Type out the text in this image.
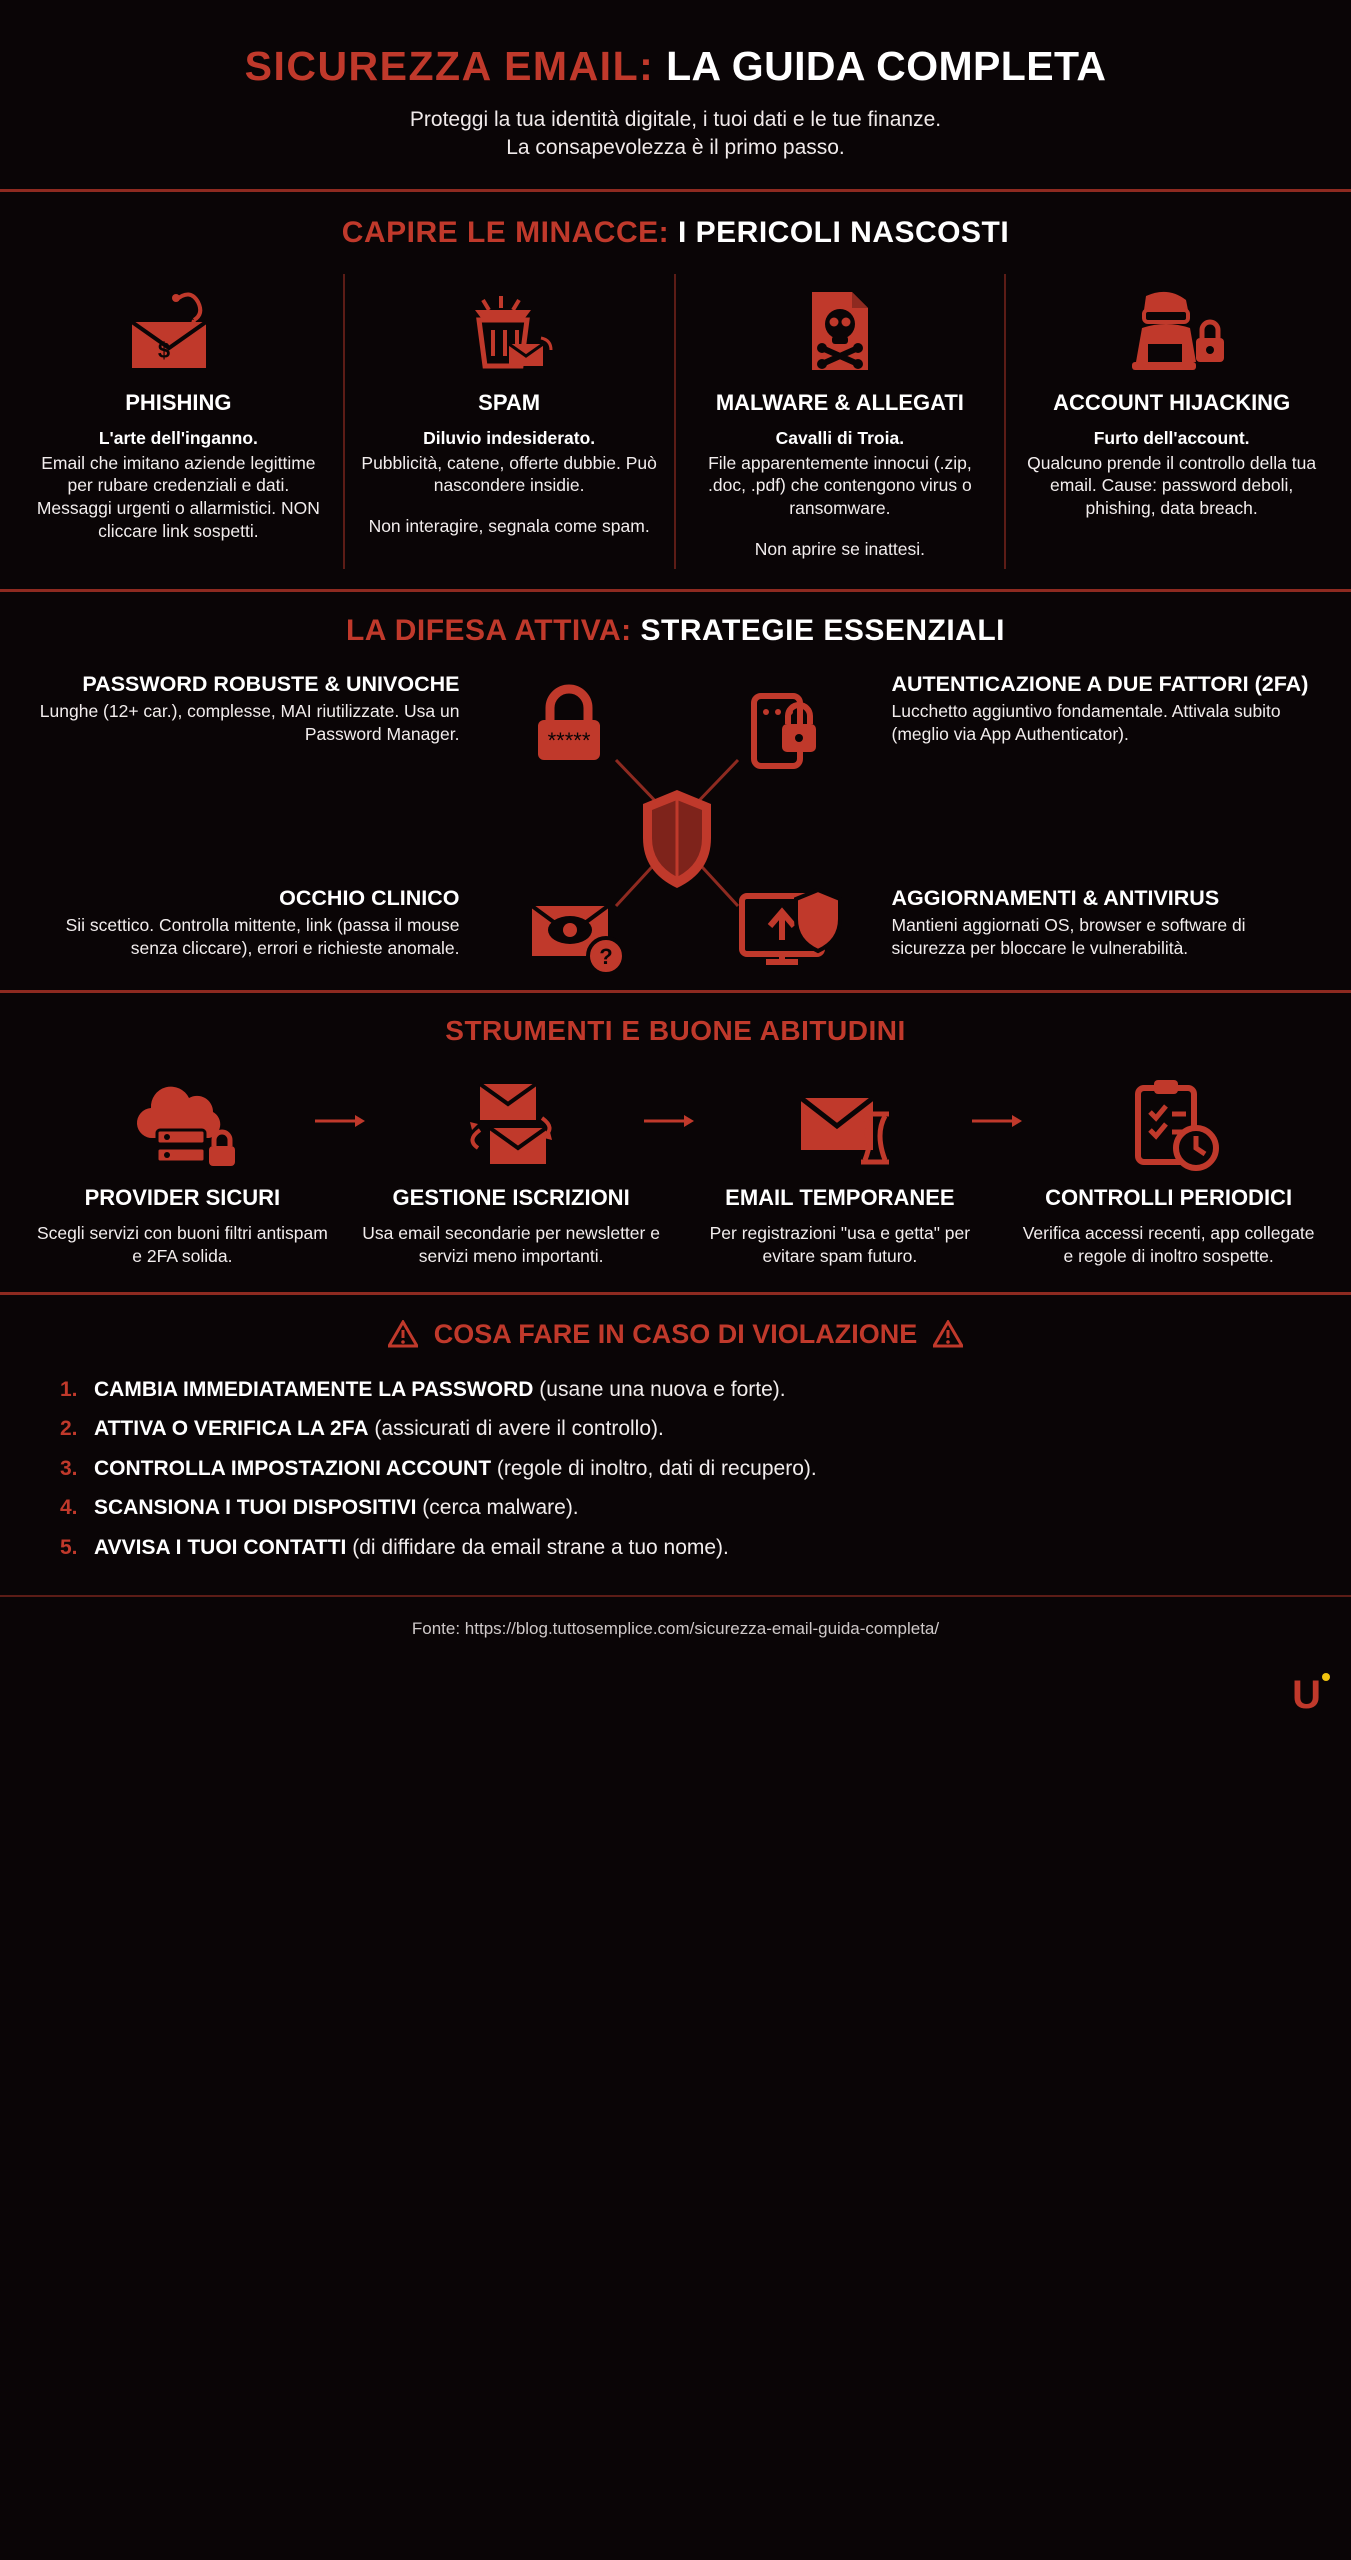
SICUREZZA EMAIL: LA GUIDA COMPLETA
Proteggi la tua identità digitale, i tuoi dati e le tue finanze.
La consapevolezza è il primo passo.
CAPIRE LE MINACCE: I PERICOLI NASCOSTI
$
PHISHING
L'arte dell'inganno.

Email che imitano aziende legittime per rubare credenziali e dati. Messaggi urgenti o allarmistici. NON cliccare link sospetti.

SPAM
Diluvio indesiderato.

Pubblicità, catene, offerte dubbie. Può nascondere insidie.

Non interagire, segnala come spam.

MALWARE & ALLEGATI
Cavalli di Troia.

File apparentemente innocui (.zip, .doc, .pdf) che contengono virus o ransomware.

Non aprire se inattesi.

ACCOUNT HIJACKING
Furto dell'account.

Qualcuno prende il controllo della tua email. Cause: password deboli, phishing, data breach.

LA DIFESA ATTIVA: STRATEGIE ESSENZIALI
PASSWORD ROBUSTE & UNIVOCHE
Lunghe (12+ car.), complesse, MAI riutilizzate. Usa un Password Manager.	*****
?
AUTENTICAZIONE A DUE FATTORI (2FA)
Lucchetto aggiuntivo fondamentale. Attivala subito (meglio via App Authenticator).
OCCHIO CLINICO
Sii scettico. Controlla mittente, link (passa il mouse senza cliccare), errori e richieste anomale.
AGGIORNAMENTI & ANTIVIRUS
Mantieni aggiornati OS, browser e software di sicurezza per bloccare le vulnerabilità.
STRUMENTI E BUONE ABITUDINI
PROVIDER SICURI
Scegli servizi con buoni filtri antispam e 2FA solida.
GESTIONE ISCRIZIONI
Usa email secondarie per newsletter e servizi meno importanti.
EMAIL TEMPORANEE
Per registrazioni "usa e getta" per evitare spam futuro.
CONTROLLI PERIODICI
Verifica accessi recenti, app collegate e regole di inoltro sospette.
COSA FARE IN CASO DI VIOLAZIONE
1. CAMBIA IMMEDIATAMENTE LA PASSWORD (usane una nuova e forte).
2. ATTIVA O VERIFICA LA 2FA (assicurati di avere il controllo).
3. CONTROLLA IMPOSTAZIONI ACCOUNT (regole di inoltro, dati di recupero).
4. SCANSIONA I TUOI DISPOSITIVI (cerca malware).
5. AVVISA I TUOI CONTATTI (di diffidare da email strane a tuo nome).
Fonte: https://blog.tuttosemplice.com/sicurezza-email-guida-completa/
U
